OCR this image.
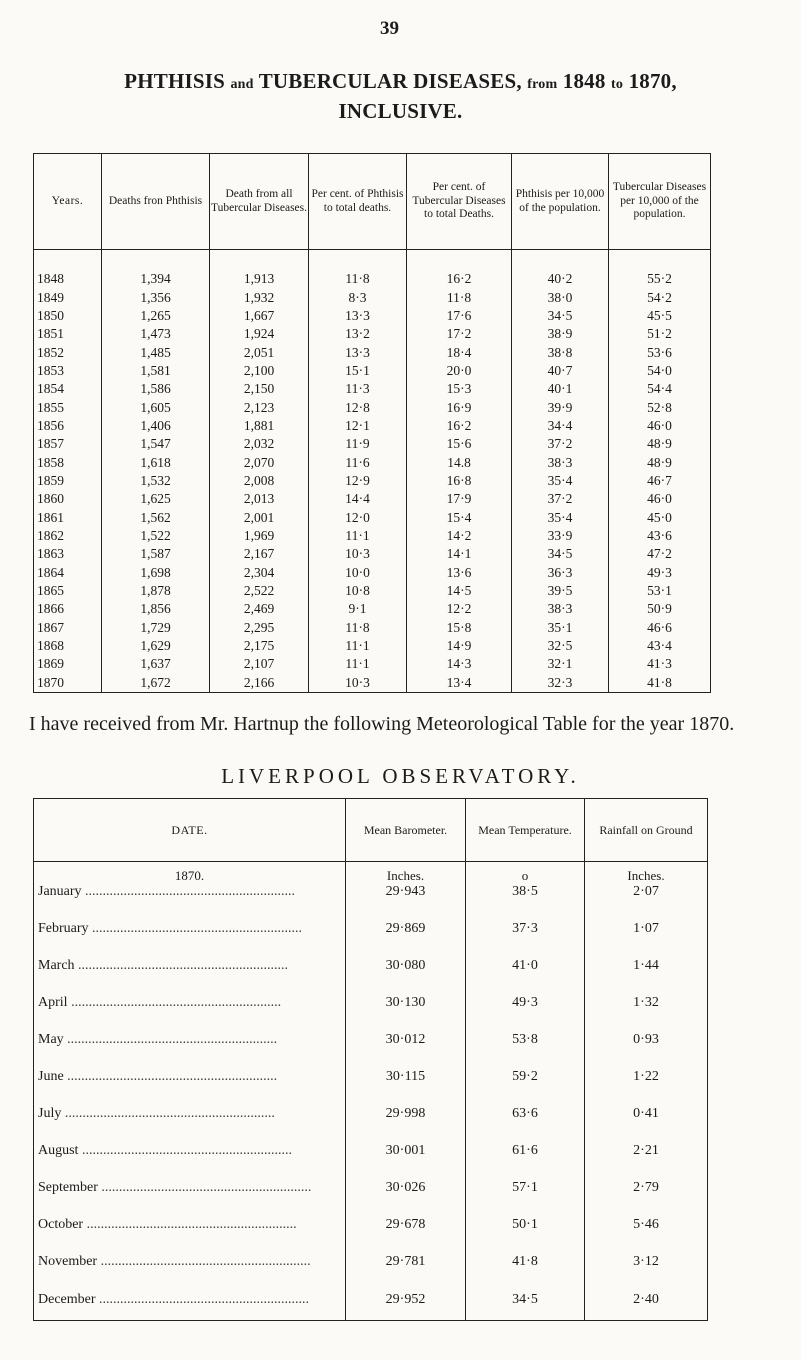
39
PHTHISIS and TUBERCULAR DISEASES, from 1848 to 1870,
INCLUSIVE.
Years.	Deaths fron Phthisis	Death from all Tubercular Diseases.	Per cent. of Phthisis to total deaths.	Per cent. of Tubercular Diseases to total Deaths.	Phthisis per 10,000 of the population.	Tubercular Diseases per 10,000 of the population.

1848	1,394	1,913	11·8	16·2	40·2	55·2
1849	1,356	1,932	8·3	11·8	38·0	54·2
1850	1,265	1,667	13·3	17·6	34·5	45·5
1851	1,473	1,924	13·2	17·2	38·9	51·2
1852	1,485	2,051	13·3	18·4	38·8	53·6
1853	1,581	2,100	15·1	20·0	40·7	54·0
1854	1,586	2,150	11·3	15·3	40·1	54·4
1855	1,605	2,123	12·8	16·9	39·9	52·8
1856	1,406	1,881	12·1	16·2	34·4	46·0
1857	1,547	2,032	11·9	15·6	37·2	48·9
1858	1,618	2,070	11·6	14.8	38·3	48·9
1859	1,532	2,008	12·9	16·8	35·4	46·7
1860	1,625	2,013	14·4	17·9	37·2	46·0
1861	1,562	2,001	12·0	15·4	35·4	45·0
1862	1,522	1,969	11·1	14·2	33·9	43·6
1863	1,587	2,167	10·3	14·1	34·5	47·2
1864	1,698	2,304	10·0	13·6	36·3	49·3
1865	1,878	2,522	10·8	14·5	39·5	53·1
1866	1,856	2,469	9·1	12·2	38·3	50·9
1867	1,729	2,295	11·8	15·8	35·1	46·6
1868	1,629	2,175	11·1	14·9	32·5	43·4
1869	1,637	2,107	11·1	14·3	32·1	41·3
1870	1,672	2,166	10·3	13·4	32·3	41·8
I have received from Mr. Hartnup the following Meteorological Table for the year 1870.
LIVERPOOL OBSERVATORY.
DATE.	Mean Barometer.	Mean Temperature.	Rainfall on Ground
1870.	Inches.	o	Inches.
January ............................................................	29·943	38·5	2·07
February ............................................................	29·869	37·3	1·07
March ............................................................	30·080	41·0	1·44
April ............................................................	30·130	49·3	1·32
May ............................................................	30·012	53·8	0·93
June ............................................................	30·115	59·2	1·22
July ............................................................	29·998	63·6	0·41
August ............................................................	30·001	61·6	2·21
September ............................................................	30·026	57·1	2·79
October ............................................................	29·678	50·1	5·46
November ............................................................	29·781	41·8	3·12
December ............................................................	29·952	34·5	2·40
